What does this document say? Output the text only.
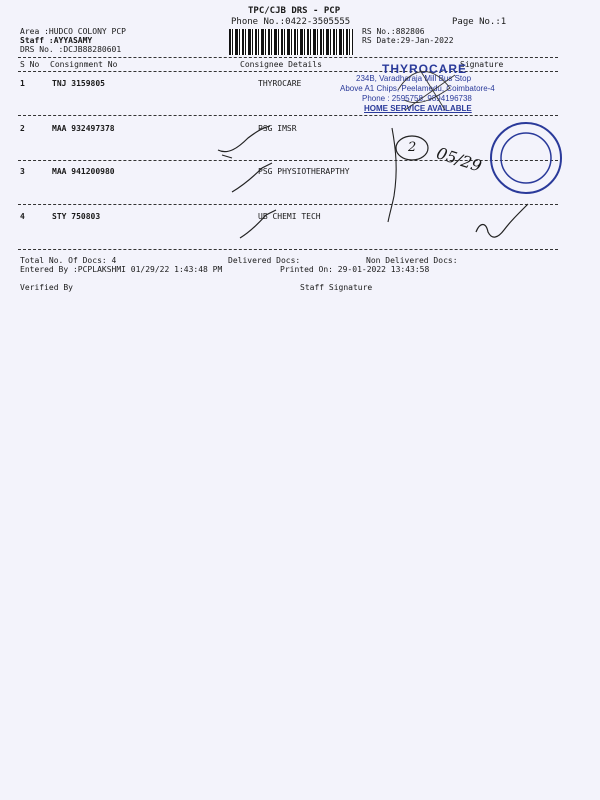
TPC/CJB DRS - PCP
Phone No.:0422-3505555	Page No.:1
Area :HUDCO COLONY PCP
Staff :AYYASAMY
DRS No. :DCJB88280601
RS No.:882806
RS Date:29-Jan-2022
S No Consignment No	Consignee Details	Signature
1	TNJ 3159805	THYROCARE
2	MAA 932497378	PSG IMSR
3	MAA 941200980	PSG PHYSIOTHERAPTHY
4	STY 750803	UB CHEMI TECH
Total No. Of Docs: 4	Delivered Docs:	Non Delivered Docs:
Entered By :PCPLAKSHMI 01/29/22 1:43:48 PM	Printed On: 29-01-2022 13:43:58
Verified By	Staff Signature
THYROCARE
234B, Varadharaja Mill Bus Stop
Above A1 Chips, Peelamedu, Coimbatore-4
Phone : 2595758, 9894196738
HOME SERVICE AVAILABLE
2 05/29
